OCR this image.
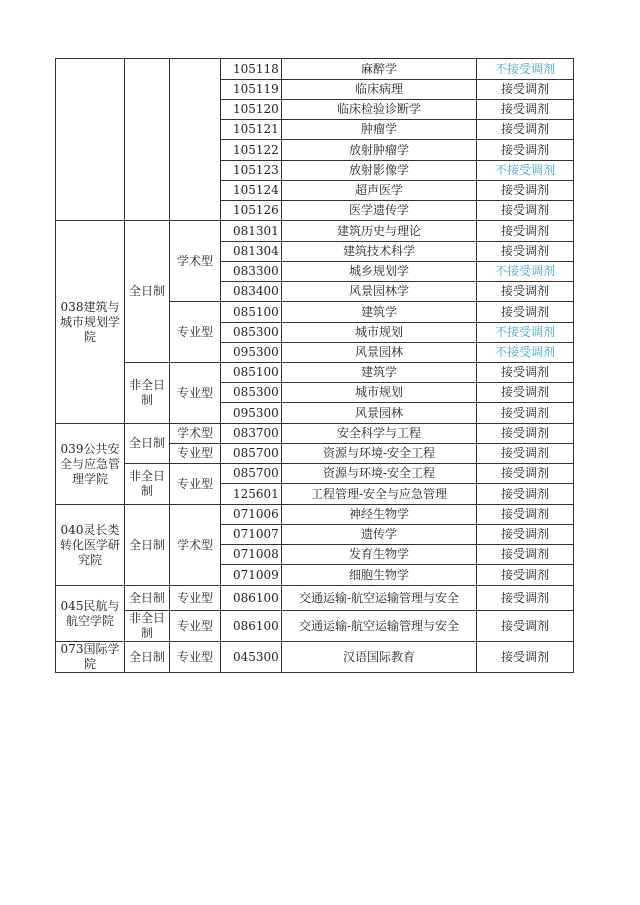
			105118	麻醉学	不接受调剂
			105119	临床病理	接受调剂
			105120	临床检验诊断学	接受调剂
			105121	肿瘤学	接受调剂
			105122	放射肿瘤学	接受调剂
			105123	放射影像学	不接受调剂
			105124	超声医学	接受调剂
			105126	医学遗传学	接受调剂
038建筑与城市规划学院	全日制	学术型	081301	建筑历史与理论	接受调剂
			081304	建筑技术科学	接受调剂
			083300	城乡规划学	不接受调剂
			083400	风景园林学	接受调剂
		专业型	085100	建筑学	接受调剂
			085300	城市规划	不接受调剂
			095300	风景园林	不接受调剂
	非全日制	专业型	085100	建筑学	接受调剂
			085300	城市规划	接受调剂
			095300	风景园林	接受调剂
039公共安全与应急管理学院	全日制	学术型	083700	安全科学与工程	接受调剂
		专业型	085700	资源与环境-安全工程	接受调剂
	非全日制	专业型	085700	资源与环境-安全工程	接受调剂
			125601	工程管理-安全与应急管理	接受调剂
040灵长类转化医学研究院	全日制	学术型	071006	神经生物学	接受调剂
			071007	遗传学	接受调剂
			071008	发育生物学	接受调剂
			071009	细胞生物学	接受调剂
045民航与航空学院	全日制	专业型	086100	交通运输-航空运输管理与安全	接受调剂
	非全日制	专业型	086100	交通运输-航空运输管理与安全	接受调剂
073国际学院	全日制	专业型	045300	汉语国际教育	接受调剂
